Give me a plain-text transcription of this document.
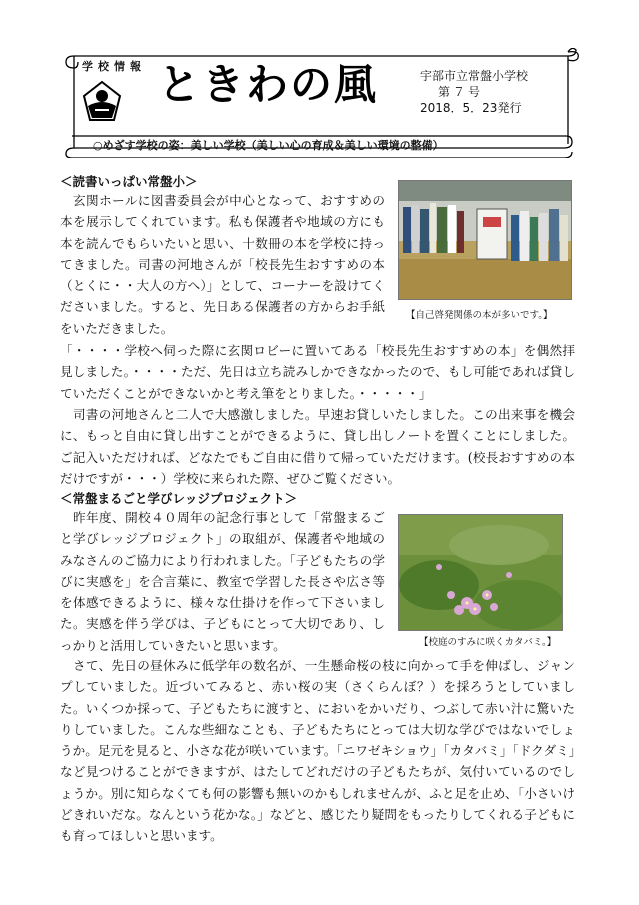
学校情報 ときわの風	宇部市立常盤小学校
第７号
2018．5．23発行
○めざす学校の姿：美しい学校（美しい心の育成＆美しい環境の整備）
＜読書いっぱい常盤小＞

玄関ホールに図書委員会が中心となって、おすすめの本を展示してくれています。私も保護者や地域の方にも本を読んでもらいたいと思い、十数冊の本を学校に持ってきました。司書の河地さんが「校長先生おすすめの本（とくに・・大人の方へ）」として、コーナーを設けてくださいました。すると、先日ある保護者の方からお手紙をいただきました。

【自己啓発関係の本が多いです。】

「・・・・学校へ伺った際に玄関ロビーに置いてある「校長先生おすすめの本」を偶然拝見しました。・・・・ただ、先日は立ち読みしかできなかったので、もし可能であれば貸していただくことができないかと考え筆をとりました。・・・・・」

司書の河地さんと二人で大感激しました。早速お貸しいたしました。この出来事を機会に、もっと自由に貸し出すことができるように、貸し出しノートを置くことにしました。ご記入いただければ、どなたでもご自由に借りて帰っていただけます。(校長おすすめの本だけですが・・・）学校に来られた際、ぜひご覧ください。

＜常盤まるごと学びレッジプロジェクト＞

昨年度、開校４０周年の記念行事として「常盤まるごと学びレッジプロジェクト」の取組が、保護者や地域のみなさんのご協力により行われました。「子どもたちの学びに実感を」を合言葉に、教室で学習した長さや広さ等を体感できるように、様々な仕掛けを作って下さいました。実感を伴う学びは、子どもにとって大切であり、しっかりと活用していきたいと思います。	【校庭のすみに咲くカタバミ。】

さて、先日の昼休みに低学年の数名が、一生懸命桜の枝に向かって手を伸ばし、ジャンプしていました。近づいてみると、赤い桜の実（さくらんぼ？）を採ろうとしていました。いくつか採って、子どもたちに渡すと、においをかいだり、つぶして赤い汁に驚いたりしていました。こんな些細なことも、子どもたちにとっては大切な学びではないでしょうか。足元を見ると、小さな花が咲いています。「ニワゼキショウ」「カタバミ」「ドクダミ」など見つけることができますが、はたしてどれだけの子どもたちが、気付いているのでしょうか。別に知らなくても何の影響も無いのかもしれませんが、ふと足を止め、「小さいけどきれいだな。なんという花かな。」などと、感じたり疑問をもったりしてくれる子どもにも育ってほしいと思います。
